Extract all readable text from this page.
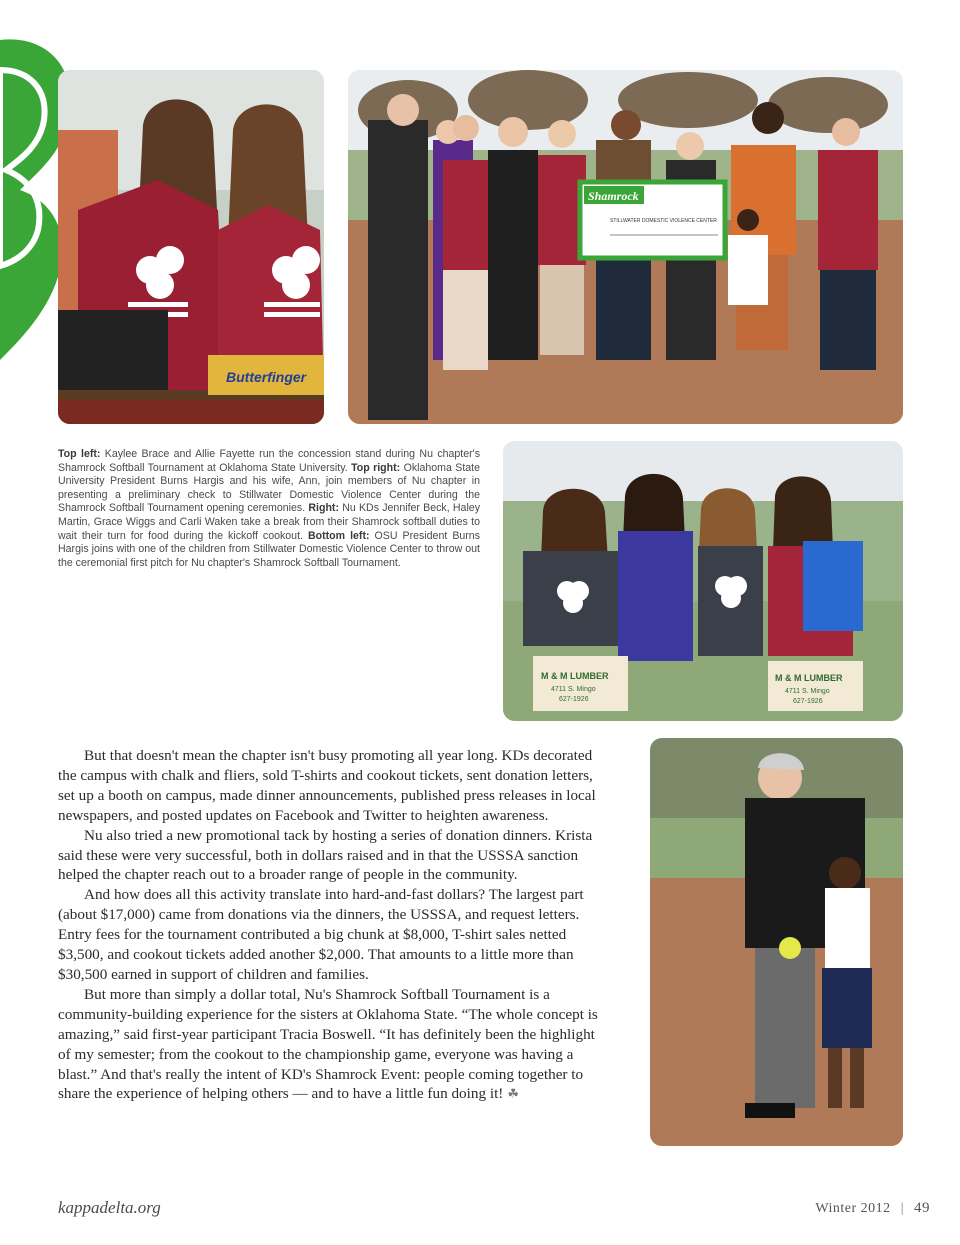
Butterfinger
Shamrock
STILLWATER DOMESTIC VIOLENCE CENTER
Top left: Kaylee Brace and Allie Fayette run the concession stand during Nu chapter's Shamrock Softball Tournament at Oklahoma State University. Top right: Oklahoma State University President Burns Hargis and his wife, Ann, join members of Nu chapter in presenting a preliminary check to Stillwater Domestic Violence Center during the Shamrock Softball Tournament opening ceremonies. Right: Nu KDs Jennifer Beck, Haley Martin, Grace Wiggs and Carli Waken take a break from their Shamrock softball duties to wait their turn for food during the kickoff cookout. Bottom left: OSU President Burns Hargis joins with one of the children from Stillwater Domestic Violence Center to throw out the ceremonial first pitch for Nu chapter's Shamrock Softball Tournament.
M & M LUMBER
4711 S. Mingo
627-1926
M & M LUMBER
4711 S. Mingo
627-1926

But that doesn't mean the chapter isn't busy promoting all year long. KDs decorated the campus with chalk and fliers, sold T-shirts and cookout tickets, sent donation letters, set up a booth on campus, made dinner announcements, published press releases in local newspapers, and posted updates on Facebook and Twitter to heighten awareness.

Nu also tried a new promotional tack by hosting a series of donation dinners. Krista said these were very successful, both in dollars raised and in that the USSSA sanction helped the chapter reach out to a broader range of people in the community.

And how does all this activity translate into hard-and-fast dollars? The largest part (about $17,000) came from donations via the dinners, the USSSA, and request letters. Entry fees for the tournament contributed a big chunk at $8,000, T-shirt sales netted $3,500, and cookout tickets added another $2,000. That amounts to a little more than $30,500 earned in support of children and families.

But more than simply a dollar total, Nu's Shamrock Softball Tournament is a community-building experience for the sisters at Oklahoma State. “The whole concept is amazing,” said first-year participant Tracia Boswell. “It has definitely been the highlight of my semester; from the cookout to the championship game, everyone was having a blast.” And that's really the intent of KD's Shamrock Event: people coming together to share the experience of helping others — and to have a little fun doing it! ☘

kappadelta.org	Winter 2012 | 49
